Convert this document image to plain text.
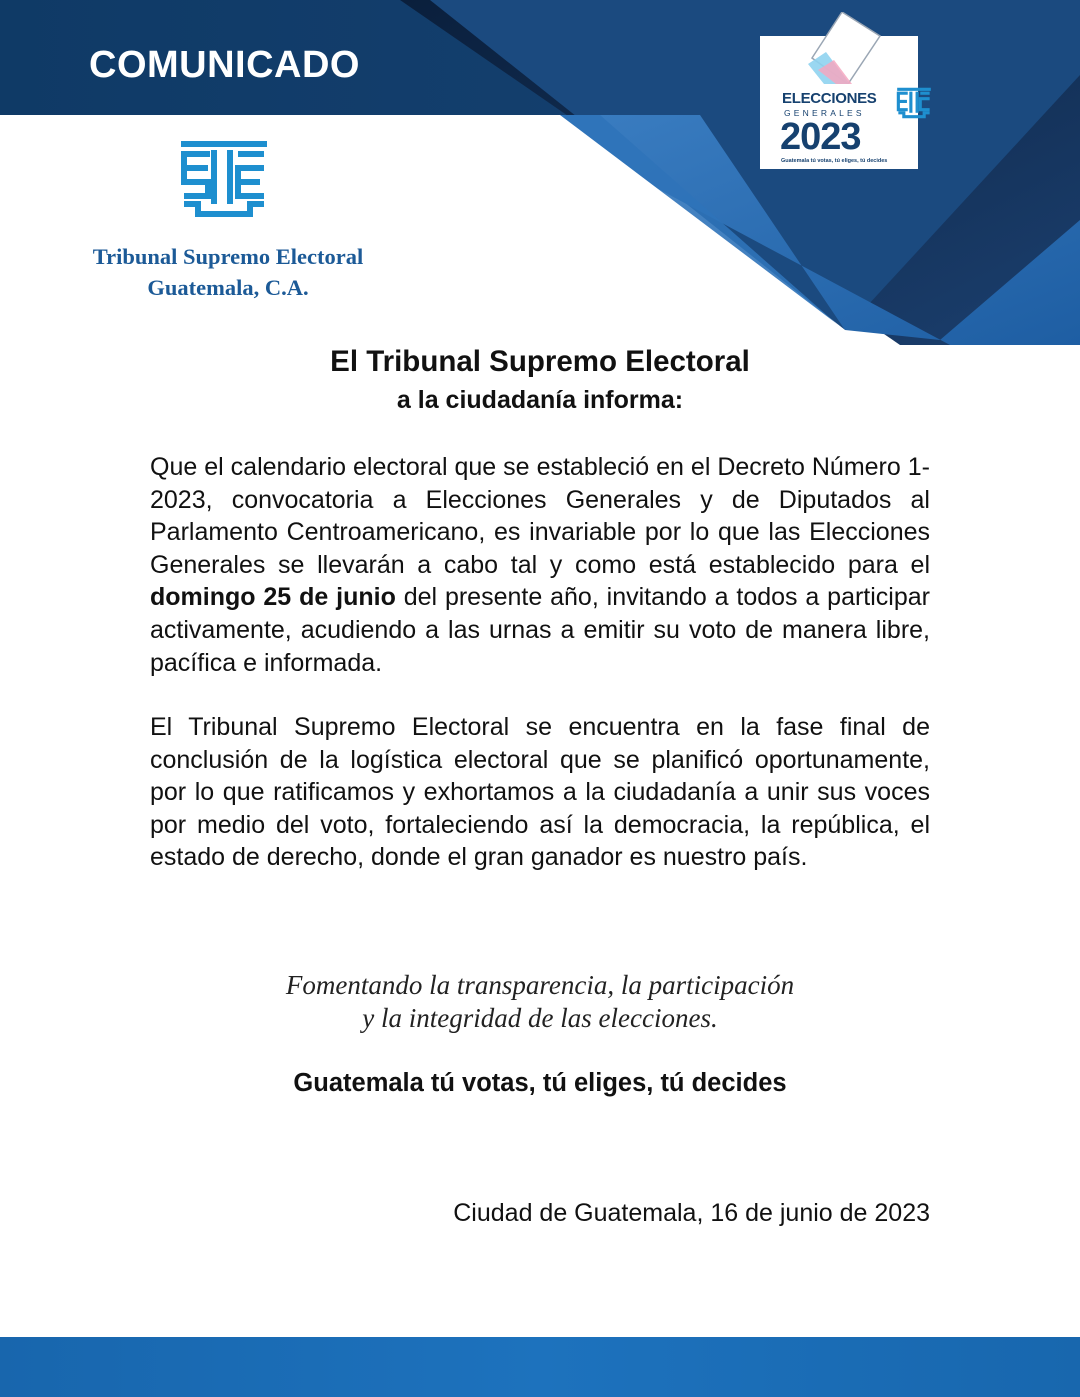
COMUNICADO
Tribunal Supremo Electoral
Guatemala, C.A.
ELECCIONES
GENERALES
2023
Guatemala tú votas, tú eliges, tú decides
El Tribunal Supremo Electoral
a la ciudadanía informa:

Que el calendario electoral que se estableció en el Decreto Número 1-2023, convocatoria a Elecciones Generales y de Diputados al Parlamento Centroamericano, es invariable por lo que las Elecciones Generales se llevarán a cabo tal y como está establecido para el domingo 25 de junio del presente año, invitando a todos a participar activamente, acudiendo a las urnas a emitir su voto de manera libre, pacífica e informada.

El Tribunal Supremo Electoral se encuentra en la fase final de conclusión de la logística electoral que se planificó oportunamente, por lo que ratificamos y exhortamos a la ciudadanía a unir sus voces por medio del voto, fortaleciendo así la democracia, la república, el estado de derecho, donde el gran ganador es nuestro país.

Fomentando la transparencia, la participación
y la integridad de las elecciones.

Guatemala tú votas, tú eliges, tú decides

Ciudad de Guatemala, 16 de junio de 2023
